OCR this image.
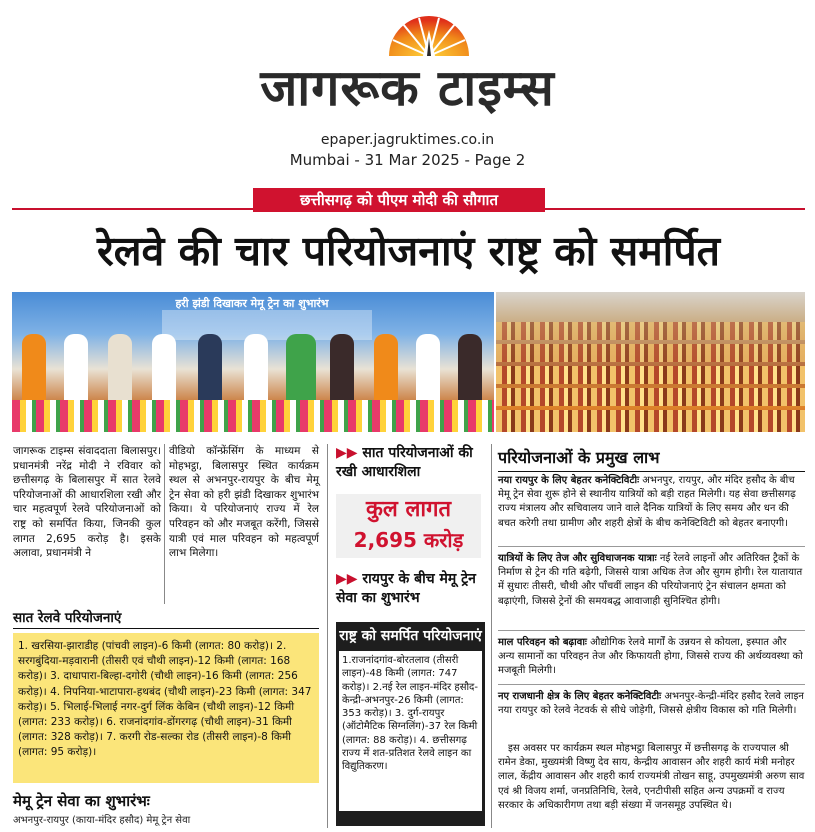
जागरूक टाइम्स
epaper.jagruktimes.co.in
Mumbai - 31 Mar 2025 - Page 2
छत्तीसगढ़ को पीएम मोदी की सौगात
रेलवे की चार परियोजनाएं राष्ट्र को समर्पित
हरी झंडी दिखाकर मेमू ट्रेन का शुभारंभ
जागरूक टाइम्स संवाददाता बिलासपुर। प्रधानमंत्री नरेंद्र मोदी ने रविवार को छत्तीसगढ़ के बिलासपुर में सात रेलवे परियोजनाओं की आधारशिला रखी और चार महत्वपूर्ण रेलवे परियोजनाओं को राष्ट्र को समर्पित किया, जिनकी कुल लागत 2,695 करोड़ है। इसके अलावा, प्रधानमंत्री ने
वीडियो कॉन्फ्रेंसिंग के माध्यम से मोहभट्ठा, बिलासपुर स्थित कार्यक्रम स्थल से अभनपुर-रायपुर के बीच मेमू ट्रेन सेवा को हरी झंडी दिखाकर शुभारंभ किया। ये परियोजनाएं राज्य में रेल परिवहन को और मजबूत करेंगी, जिससे यात्री एवं माल परिवहन को महत्वपूर्ण लाभ मिलेगा।
सात रेलवे परियोजनाएं
1. खरसिया-झाराडीह (पांचवी लाइन)-6 किमी (लागत: 80 करोड़)। 2. सरगबुंदिया-मड़वारानी (तीसरी एवं चौथी लाइन)-12 किमी (लागत: 168 करोड़)। 3. दाधापारा-बिल्हा-दगोरी (चौथी लाइन)-16 किमी (लागत: 256 करोड़)। 4. निपनिया-भाटापारा-हथबंद (चौथी लाइन)-23 किमी (लागत: 347 करोड़)। 5. भिलाई-भिलाई नगर-दुर्ग लिंक केबिन (चौथी लाइन)-12 किमी (लागत: 233 करोड़)। 6. राजनांदगांव-डोंगरगढ़ (चौथी लाइन)-31 किमी (लागत: 328 करोड़)। 7. करगी रोड-सल्का रोड (तीसरी लाइन)-8 किमी (लागत: 95 करोड़)।
मेमू ट्रेन सेवा का शुभारंभः
अभनपुर-रायपुर (काया-मंदिर हसौद) मेमू ट्रेन सेवा
▶▶ सात परियोजनाओं की रखी आधारशिला
कुल लागत
2,695 करोड़
▶▶ रायपुर के बीच मेमू ट्रेन सेवा का शुभारंभ
राष्ट्र को समर्पित परियोजनाएं
1.राजनांदगांव-बोरतलाव (तीसरी लाइन)-48 किमी (लागत: 747 करोड़)। 2.नई रेल लाइन-मंदिर हसौद-केन्द्री-अभनपुर-26 किमी (लागत: 353 करोड़)। 3. दुर्ग-रायपुर (ऑटोमैटिक सिग्नलिंग)-37 रेल किमी (लागत: 88 करोड़)। 4. छत्तीसगढ़ राज्य में शत-प्रतिशत रेलवे लाइन का विद्युतिकरण।
परियोजनाओं के प्रमुख लाभ
नया रायपुर के लिए बेहतर कनेक्टिविटीः अभनपुर, रायपुर, और मंदिर हसौद के बीच मेमू ट्रेन सेवा शुरू होने से स्थानीय यात्रियों को बड़ी राहत मिलेगी। यह सेवा छत्तीसगढ़ राज्य मंत्रालय और सचिवालय जाने वाले दैनिक यात्रियों के लिए समय और धन की बचत करेगी तथा ग्रामीण और शहरी क्षेत्रों के बीच कनेक्टिविटी को बेहतर बनाएगी।
यात्रियों के लिए तेज और सुविधाजनक यात्राः नई रेलवे लाइनों और अतिरिक्त ट्रैकों के निर्माण से ट्रेन की गति बढ़ेगी, जिससे यात्रा अधिक तेज और सुगम होगी। रेल यातायात में सुधारः तीसरी, चौथी और पाँचवीं लाइन की परियोजनाएं ट्रेन संचालन क्षमता को बढ़ाएंगी, जिससे ट्रेनों की समयबद्ध आवाजाही सुनिश्चित होगी।
माल परिवहन को बढ़ावाः औद्योगिक रेलवे मार्गों के उन्नयन से कोयला, इस्पात और अन्य सामानों का परिवहन तेज और किफायती होगा, जिससे राज्य की अर्थव्यवस्था को मजबूती मिलेगी।
नए राजधानी क्षेत्र के लिए बेहतर कनेक्टिविटीः अभनपुर-केन्द्री-मंदिर हसौद रेलवे लाइन नया रायपुर को रेलवे नेटवर्क से सीधे जोड़ेगी, जिससे क्षेत्रीय विकास को गति मिलेगी।
इस अवसर पर कार्यक्रम स्थल मोहभट्ठा बिलासपुर में छत्तीसगढ़ के राज्यपाल श्री रामेन डेका, मुख्यमंत्री विष्णु देव साय, केन्द्रीय आवासन और शहरी कार्य मंत्री मनोहर लाल, केंद्रीय आवासन और शहरी कार्य राज्यमंत्री तोखन साहू, उपमुख्यमंत्री अरुण साव एवं श्री विजय शर्मा, जनप्रतिनिधि, रेलवे, एनटीपीसी सहित अन्य उपक्रमों व राज्य सरकार के अधिकारीगण तथा बड़ी संख्या में जनसमूह उपस्थित थे।
